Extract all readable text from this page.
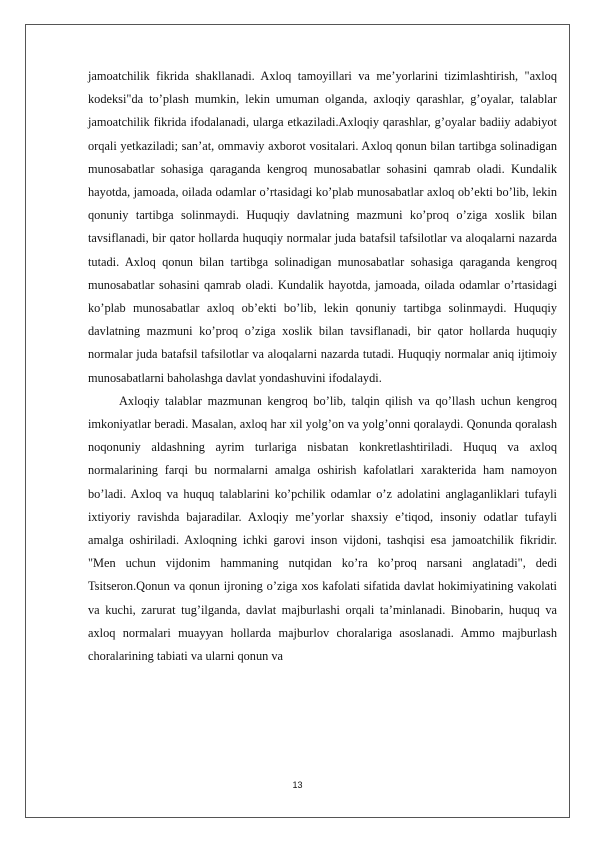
jamoatchilik fikrida shakllanadi. Axloq tamoyillari va me’yorlarini tizimlashtirish, "axloq kodeksi"da to’plash mumkin, lekin umuman olganda, axloqiy qarashlar, g’oyalar, talablar jamoatchilik fikrida ifodalanadi, ularga etkaziladi.Axloqiy qarashlar, g’oyalar badiiy adabiyot orqali yetkaziladi; san’at, ommaviy axborot vositalari. Axloq qonun bilan tartibga solinadigan munosabatlar sohasiga qaraganda kengroq munosabatlar sohasini qamrab oladi. Kundalik hayotda, jamoada, oilada odamlar o’rtasidagi ko’plab munosabatlar axloq ob’ekti bo’lib, lekin qonuniy tartibga solinmaydi. Huquqiy davlatning mazmuni ko’proq o’ziga xoslik bilan tavsiflanadi, bir qator hollarda huquqiy normalar juda batafsil tafsilotlar va aloqalarni nazarda tutadi. Axloq qonun bilan tartibga solinadigan munosabatlar sohasiga qaraganda kengroq munosabatlar sohasini qamrab oladi. Kundalik hayotda, jamoada, oilada odamlar o’rtasidagi ko’plab munosabatlar axloq ob’ekti bo’lib, lekin qonuniy tartibga solinmaydi. Huquqiy davlatning mazmuni ko’proq o’ziga xoslik bilan tavsiflanadi, bir qator hollarda huquqiy normalar juda batafsil tafsilotlar va aloqalarni nazarda tutadi. Huquqiy normalar aniq ijtimoiy munosabatlarni baholashga davlat yondashuvini ifodalaydi.

Axloqiy talablar mazmunan kengroq bo’lib, talqin qilish va qo’llash uchun kengroq imkoniyatlar beradi. Masalan, axloq har xil yolg’on va yolg’onni qoralaydi. Qonunda qoralash noqonuniy aldashning ayrim turlariga nisbatan konkretlashtiriladi. Huquq va axloq normalarining farqi bu normalarni amalga oshirish kafolatlari xarakterida ham namoyon bo’ladi. Axloq va huquq talablarini ko’pchilik odamlar o’z adolatini anglaganliklari tufayli ixtiyoriy ravishda bajaradilar. Axloqiy me’yorlar shaxsiy e’tiqod, insoniy odatlar tufayli amalga oshiriladi. Axloqning ichki garovi inson vijdoni, tashqisi esa jamoatchilik fikridir. "Men uchun vijdonim hammaning nutqidan ko’ra ko’proq narsani anglatadi", dedi Tsitseron.Qonun va qonun ijroning o’ziga xos kafolati sifatida davlat hokimiyatining vakolati va kuchi, zarurat tug’ilganda, davlat majburlashi orqali ta’minlanadi. Binobarin, huquq va axloq normalari muayyan hollarda majburlov choralariga asoslanadi. Ammo majburlash choralarining tabiati va ularni qonun va

13
